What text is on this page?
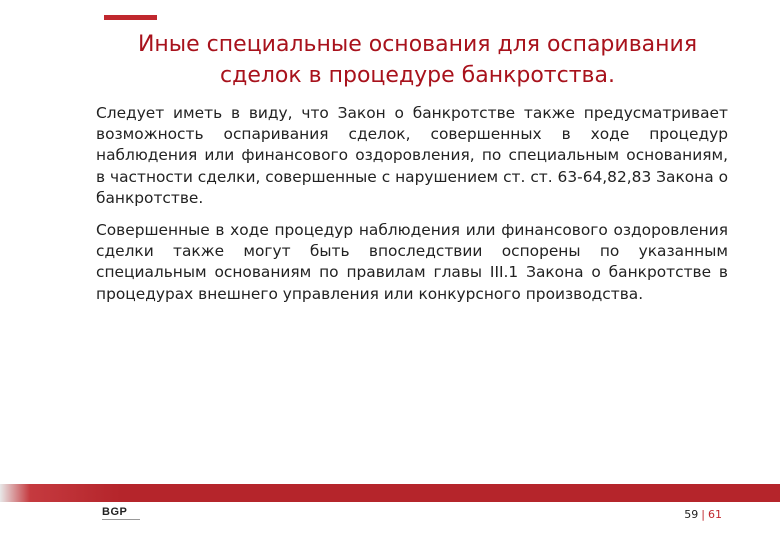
Иные специальные основания для оспаривания сделок в процедуре банкротства.

Следует иметь в виду, что Закон о банкротстве также предусматривает возможность оспаривания сделок, совершенных в ходе процедур наблюдения или финансового оздоровления, по специальным основаниям, в частности сделки, совершенные с нарушением ст. ст. 63-64,82,83 Закона о банкротстве.

Совершенные в ходе процедур наблюдения или финансового оздоровления сделки также могут быть впоследствии оспорены по указанным специальным основаниям по правилам главы III.1 Закона о банкротстве в процедурах внешнего управления или конкурсного производства.

BGP	59 | 61
